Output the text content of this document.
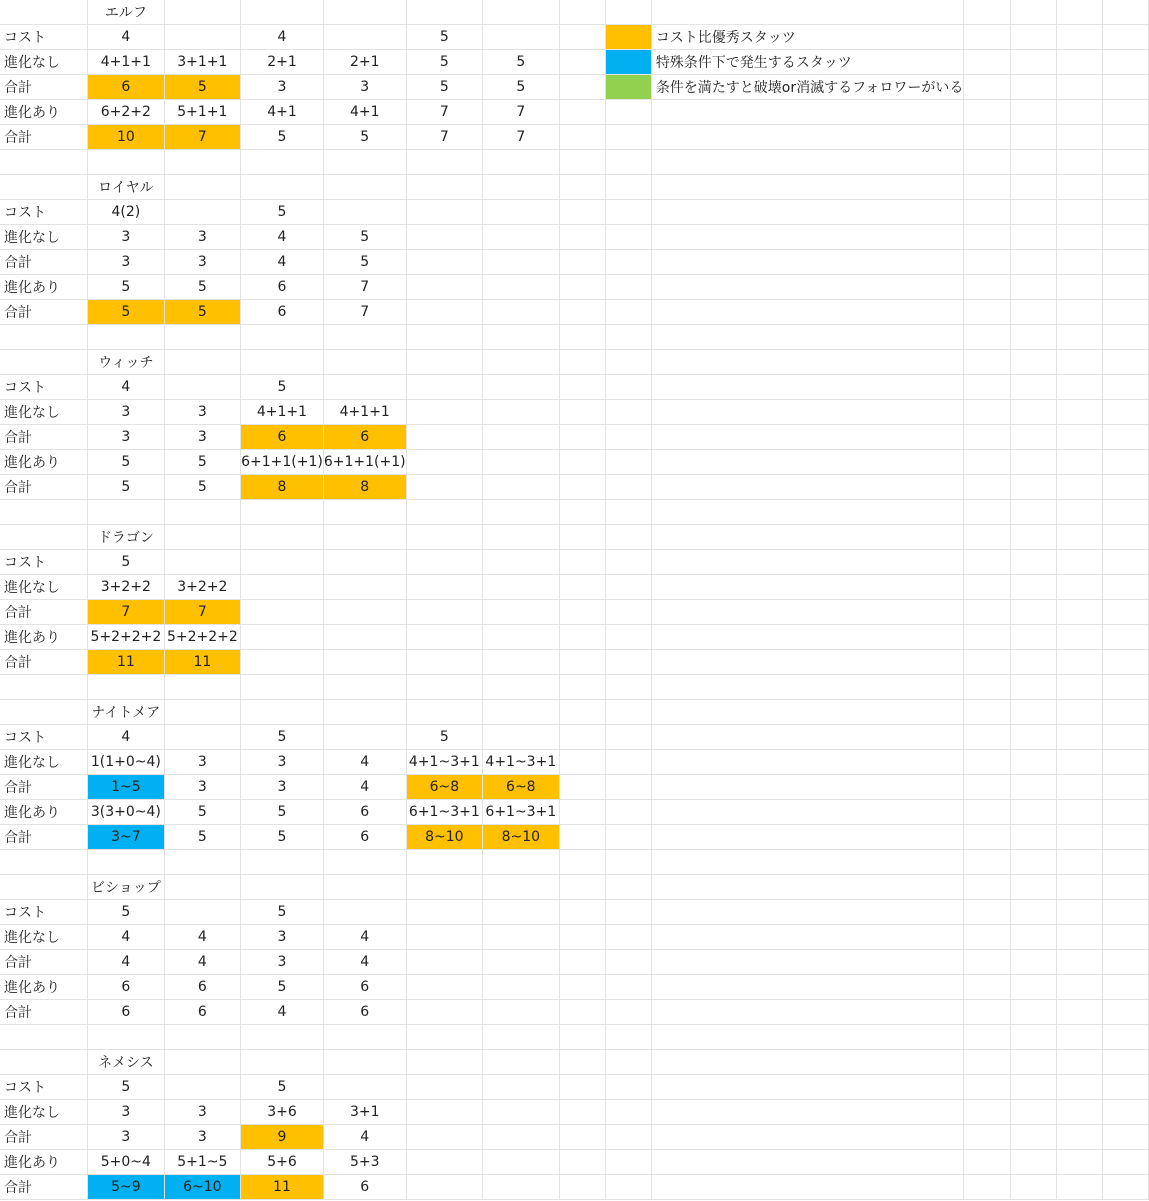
	エルフ												
コスト	4		4		5				コスト比優秀スタッツ				
進化なし	4+1+1	3+1+1	2+1	2+1	5	5			特殊条件下で発生するスタッツ				
合計	6	5	3	3	5	5			条件を満たすと破壊or消滅するフォロワーがいる				
進化あり	6+2+2	5+1+1	4+1	4+1	7	7							
合計	10	7	5	5	7	7							

	ロイヤル												
コスト	4(2)		5										
進化なし	3	3	4	5									
合計	3	3	4	5									
進化あり	5	5	6	7									
合計	5	5	6	7									

	ウィッチ												
コスト	4		5										
進化なし	3	3	4+1+1	4+1+1									
合計	3	3	6	6									
進化あり	5	5	6+1+1(+1)	6+1+1(+1)									
合計	5	5	8	8									

	ドラゴン												
コスト	5												
進化なし	3+2+2	3+2+2											
合計	7	7											
進化あり	5+2+2+2	5+2+2+2											
合計	11	11											

	ナイトメア												
コスト	4		5		5								
進化なし	1(1+0~4)	3	3	4	4+1~3+1	4+1~3+1							
合計	1~5	3	3	4	6~8	6~8							
進化あり	3(3+0~4)	5	5	6	6+1~3+1	6+1~3+1							
合計	3~7	5	5	6	8~10	8~10							

	ビショップ												
コスト	5		5										
進化なし	4	4	3	4									
合計	4	4	3	4									
進化あり	6	6	5	6									
合計	6	6	4	6									

	ネメシス												
コスト	5		5										
進化なし	3	3	3+6	3+1									
合計	3	3	9	4									
進化あり	5+0~4	5+1~5	5+6	5+3									
合計	5~9	6~10	11	6									
